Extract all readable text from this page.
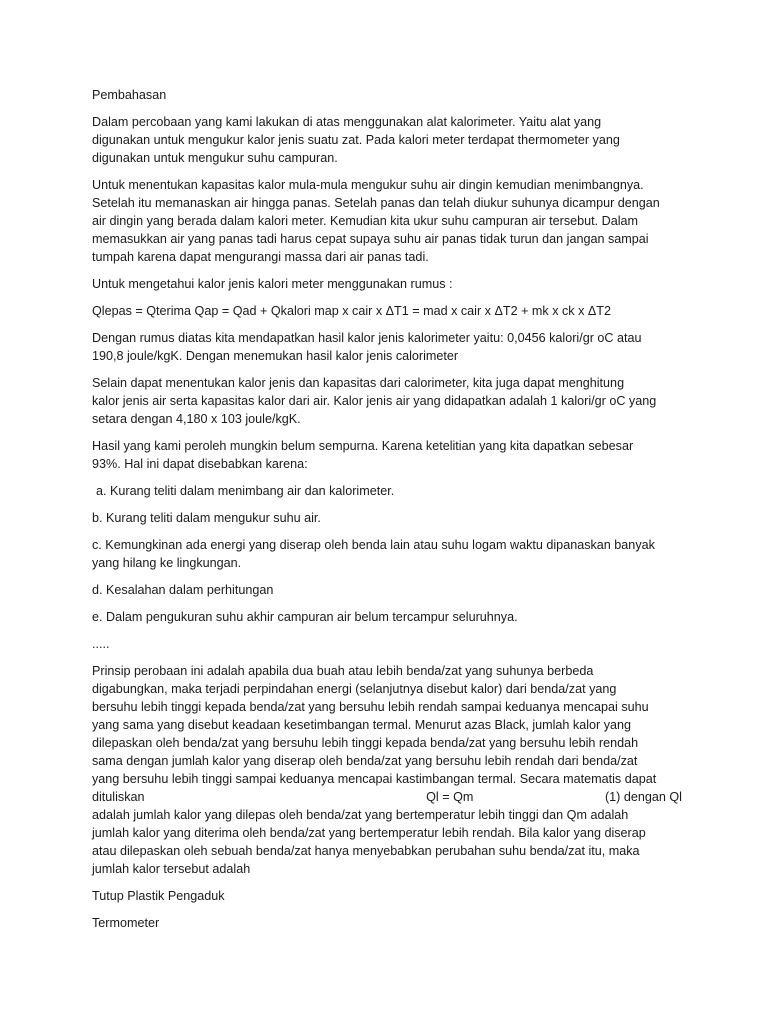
Pembahasan

Dalam percobaan yang kami lakukan di atas menggunakan alat kalorimeter. Yaitu alat yang
digunakan untuk mengukur kalor jenis suatu zat. Pada kalori meter terdapat thermometer yang
digunakan untuk mengukur suhu campuran.

Untuk menentukan kapasitas kalor mula-mula mengukur suhu air dingin kemudian menimbangnya.
Setelah itu memanaskan air hingga panas. Setelah panas dan telah diukur suhunya dicampur dengan
air dingin yang berada dalam kalori meter. Kemudian kita ukur suhu campuran air tersebut. Dalam
memasukkan air yang panas tadi harus cepat supaya suhu air panas tidak turun dan jangan sampai
tumpah karena dapat mengurangi massa dari air panas tadi.

Untuk mengetahui kalor jenis kalori meter menggunakan rumus :

Qlepas = Qterima Qap = Qad + Qkalori map x cair x ΔT1 = mad x cair x ΔT2 + mk x ck x ΔT2

Dengan rumus diatas kita mendapatkan hasil kalor jenis kalorimeter yaitu: 0,0456 kalori/gr oC atau
190,8 joule/kgK. Dengan menemukan hasil kalor jenis calorimeter

Selain dapat menentukan kalor jenis dan kapasitas dari calorimeter, kita juga dapat menghitung
kalor jenis air serta kapasitas kalor dari air. Kalor jenis air yang didapatkan adalah 1 kalori/gr oC yang
setara dengan 4,180 x 103 joule/kgK.

Hasil yang kami peroleh mungkin belum sempurna. Karena ketelitian yang kita dapatkan sebesar
93%. Hal ini dapat disebabkan karena:

a. Kurang teliti dalam menimbang air dan kalorimeter.

b. Kurang teliti dalam mengukur suhu air.

c. Kemungkinan ada energi yang diserap oleh benda lain atau suhu logam waktu dipanaskan banyak
yang hilang ke lingkungan.

d. Kesalahan dalam perhitungan

e. Dalam pengukuran suhu akhir campuran air belum tercampur seluruhnya.

.....

Prinsip perobaan ini adalah apabila dua buah atau lebih benda/zat yang suhunya berbeda
digabungkan, maka terjadi perpindahan energi (selanjutnya disebut kalor) dari benda/zat yang
bersuhu lebih tinggi kepada benda/zat yang bersuhu lebih rendah sampai keduanya mencapai suhu
yang sama yang disebut keadaan kesetimbangan termal. Menurut azas Black, jumlah kalor yang
dilepaskan oleh benda/zat yang bersuhu lebih tinggi kepada benda/zat yang bersuhu lebih rendah
sama dengan jumlah kalor yang diserap oleh benda/zat yang bersuhu lebih rendah dari benda/zat
yang bersuhu lebih tinggi sampai keduanya mencapai kastimbangan termal. Secara matematis dapat
dituliskan	Ql = Qm	(1) dengan Ql
adalah jumlah kalor yang dilepas oleh benda/zat yang bertemperatur lebih tinggi dan Qm adalah
jumlah kalor yang diterima oleh benda/zat yang bertemperatur lebih rendah. Bila kalor yang diserap
atau dilepaskan oleh sebuah benda/zat hanya menyebabkan perubahan suhu benda/zat itu, maka
jumlah kalor tersebut adalah

Tutup Plastik Pengaduk

Termometer
